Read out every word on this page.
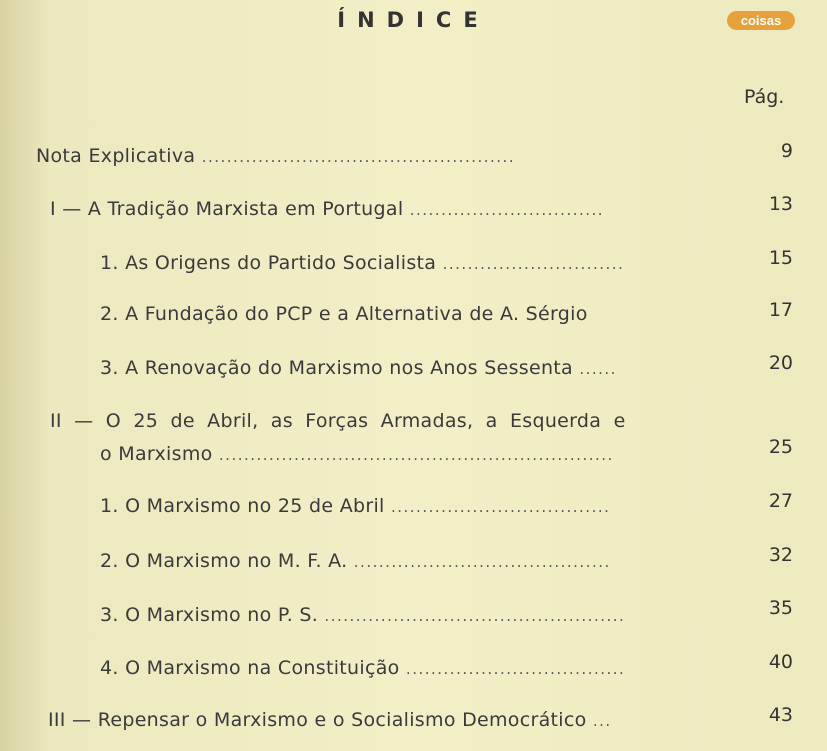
ÍNDICE	coisas
Pág.
Nota Explicativa ..................................................	9
I — A Tradição Marxista em Portugal ...............................	13
1. As Origens do Partido Socialista .............................	15
2. A Fundação do PCP e a Alternativa de A. Sérgio	17
3. A Renovação do Marxismo nos Anos Sessenta ......	20
II — O 25 de Abril, as Forças Armadas, a Esquerda e
o Marxismo ...............................................................	25
1. O Marxismo no 25 de Abril ...................................	27
2. O Marxismo no M. F. A. .........................................	32
3. O Marxismo no P. S. ................................................	35
4. O Marxismo na Constituição ...................................	40
III — Repensar o Marxismo e o Socialismo Democrático ...	43
